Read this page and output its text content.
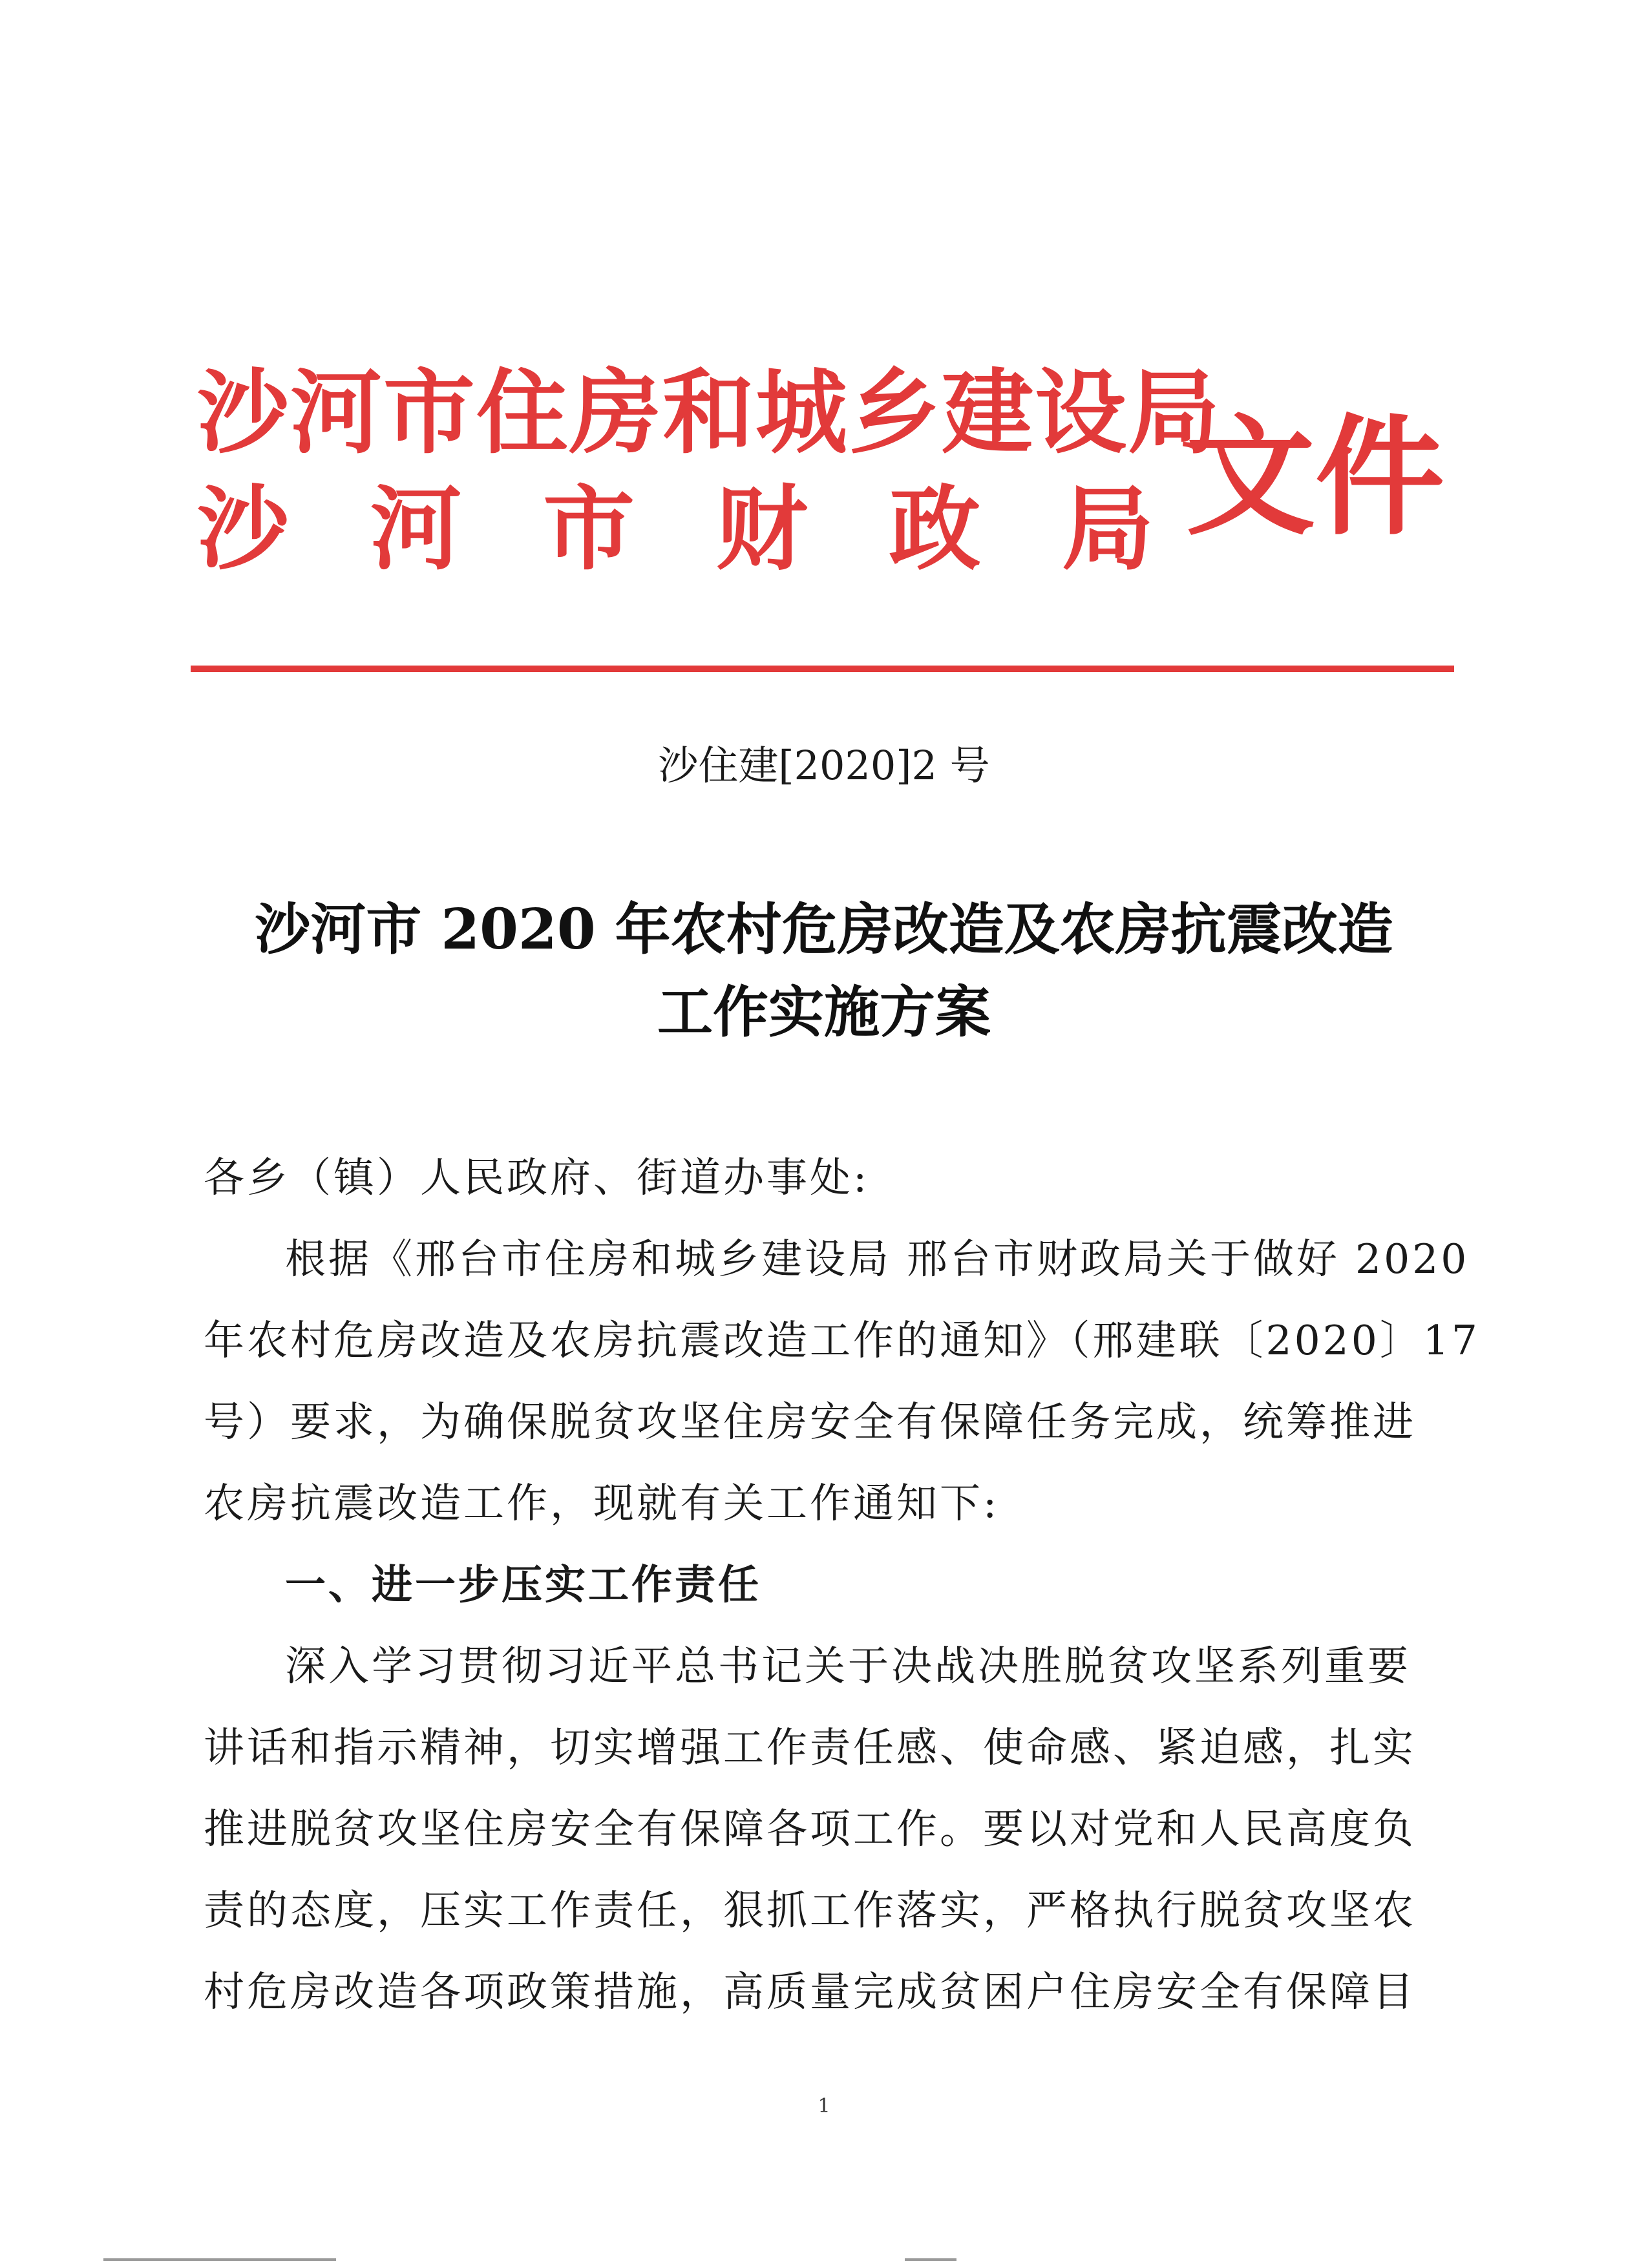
沙河市住房和城乡建设局
沙 河 市 财 政 局 文件
沙住建[2020]2 号
沙河市 2020 年农村危房改造及农房抗震改造
工作实施方案
各乡（镇）人民政府、街道办事处:
根据《邢台市住房和城乡建设局 邢台市财政局关于做好 2020
年农村危房改造及农房抗震改造工作的通知》（邢建联〔2020〕17
号）要求，为确保脱贫攻坚住房安全有保障任务完成，统筹推进
农房抗震改造工作，现就有关工作通知下:
一、进一步压实工作责任
深入学习贯彻习近平总书记关于决战决胜脱贫攻坚系列重要
讲话和指示精神，切实增强工作责任感、使命感、紧迫感，扎实
推进脱贫攻坚住房安全有保障各项工作。要以对党和人民高度负
责的态度，压实工作责任，狠抓工作落实，严格执行脱贫攻坚农
村危房改造各项政策措施，高质量完成贫困户住房安全有保障目
1
